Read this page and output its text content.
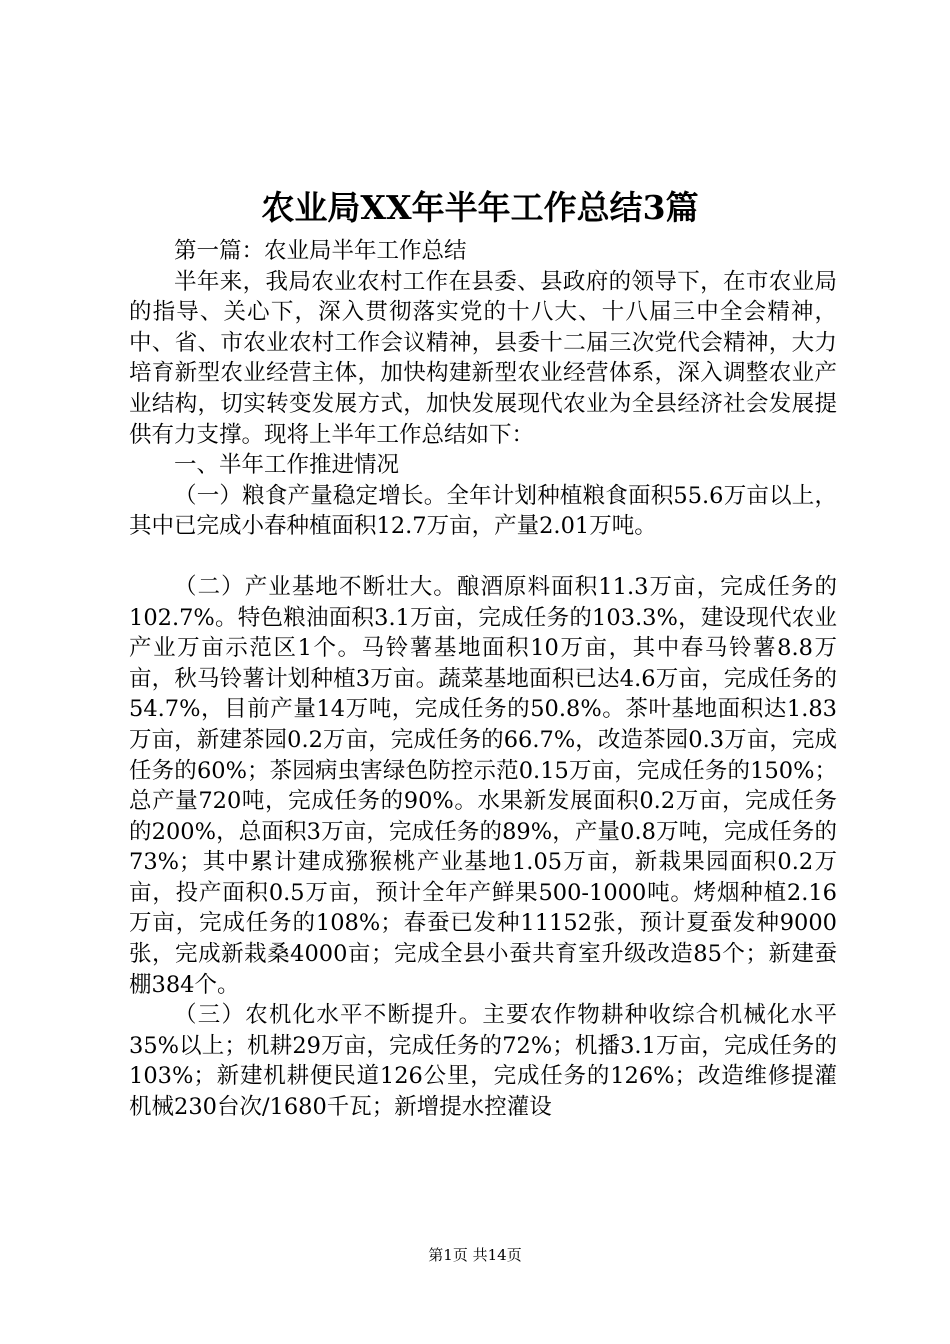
农业局XX年半年工作总结3篇

第一篇：农业局半年工作总结

半年来，我局农业农村工作在县委、县政府的领导下，在市农业局的指导、关心下，深入贯彻落实党的十八大、十八届三中全会精神，中、省、市农业农村工作会议精神，县委十二届三次党代会精神，大力培育新型农业经营主体，加快构建新型农业经营体系，深入调整农业产业结构，切实转变发展方式，加快发展现代农业为全县经济社会发展提供有力支撑。现将上半年工作总结如下：

一、半年工作推进情况

（一）粮食产量稳定增长。全年计划种植粮食面积55.6万亩以上，其中已完成小春种植面积12.7万亩，产量2.01万吨。

（二）产业基地不断壮大。酿酒原料面积11.3万亩，完成任务的102.7%。特色粮油面积3.1万亩，完成任务的103.3%，建设现代农业产业万亩示范区1个。马铃薯基地面积10万亩，其中春马铃薯8.8万亩，秋马铃薯计划种植3万亩。蔬菜基地面积已达4.6万亩，完成任务的54.7%，目前产量14万吨，完成任务的50.8%。茶叶基地面积达1.83万亩，新建茶园0.2万亩，完成任务的66.7%，改造茶园0.3万亩，完成任务的60%；茶园病虫害绿色防控示范0.15万亩，完成任务的150%；总产量720吨，完成任务的90%。水果新发展面积0.2万亩，完成任务的200%，总面积3万亩，完成任务的89%，产量0.8万吨，完成任务的73%；其中累计建成猕猴桃产业基地1.05万亩，新栽果园面积0.2万亩，投产面积0.5万亩，预计全年产鲜果500-1000吨。烤烟种植2.16万亩，完成任务的108%；春蚕已发种11152张，预计夏蚕发种9000张，完成新栽桑4000亩；完成全县小蚕共育室升级改造85个；新建蚕棚384个。

（三）农机化水平不断提升。主要农作物耕种收综合机械化水平35%以上；机耕29万亩，完成任务的72%；机播3.1万亩，完成任务的103%；新建机耕便民道126公里，完成任务的126%；改造维修提灌机械230台次/1680千瓦；新增提水控灌设

第1页 共14页
